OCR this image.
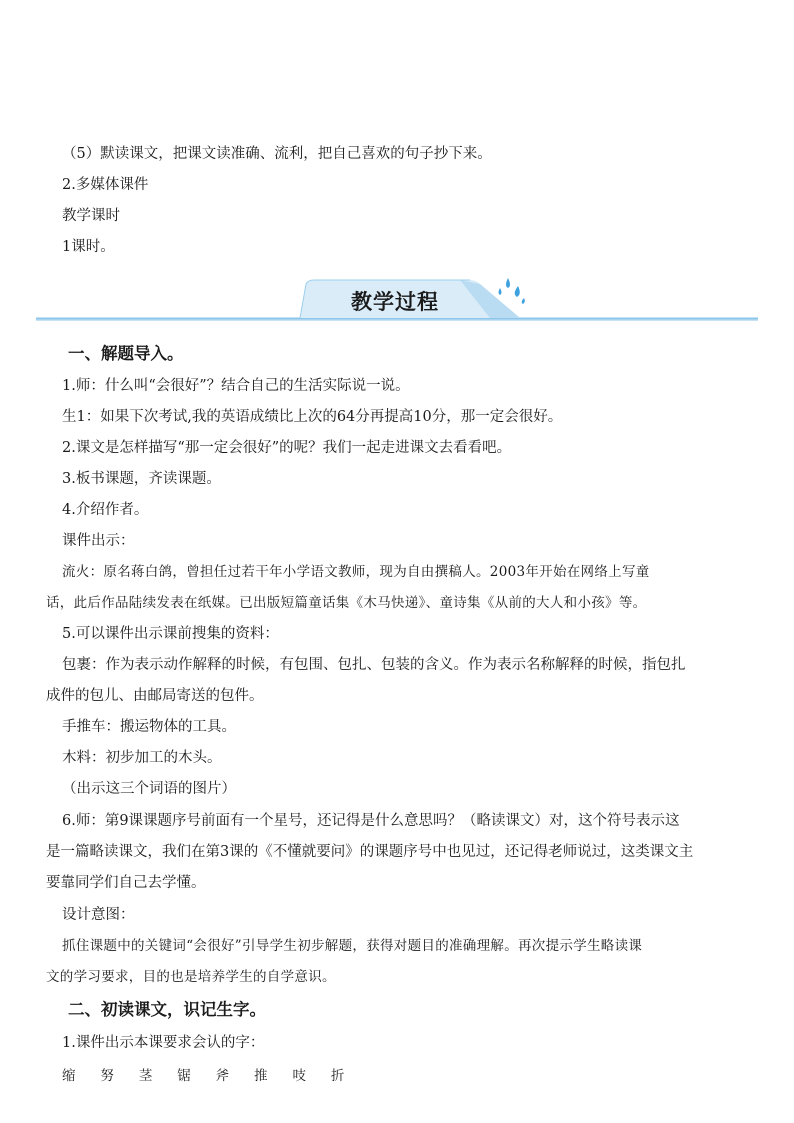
（5）默读课文，把课文读准确、流利，把自己喜欢的句子抄下来。
2.多媒体课件
教学课时
1课时。
教学过程
一、解题导入。
1.师：什么叫“会很好”？结合自己的生活实际说一说。
生1：如果下次考试,我的英语成绩比上次的64分再提高10分，那一定会很好。
2.课文是怎样描写“那一定会很好”的呢？我们一起走进课文去看看吧。
3.板书课题，齐读课题。
4.介绍作者。
课件出示：
流火：原名蒋白鸽，曾担任过若干年小学语文教师，现为自由撰稿人。2003年开始在网络上写童
话，此后作品陆续发表在纸媒。已出版短篇童话集《木马快递》、童诗集《从前的大人和小孩》等。
5.可以课件出示课前搜集的资料：
包裹：作为表示动作解释的时候，有包围、包扎、包装的含义。作为表示名称解释的时候，指包扎
成件的包儿、由邮局寄送的包件。
手推车：搬运物体的工具。
木料：初步加工的木头。
（出示这三个词语的图片）
6.师：第9课课题序号前面有一个星号，还记得是什么意思吗？（略读课文）对，这个符号表示这
是一篇略读课文，我们在第3课的《不懂就要问》的课题序号中也见过，还记得老师说过，这类课文主
要靠同学们自己去学懂。
设计意图：
抓住课题中的关键词“会很好”引导学生初步解题，获得对题目的准确理解。再次提示学生略读课
文的学习要求，目的也是培养学生的自学意识。
二、初读课文，识记生字。
1.课件出示本课要求会认的字：
缩 努 茎 锯 斧 推 吱 折
